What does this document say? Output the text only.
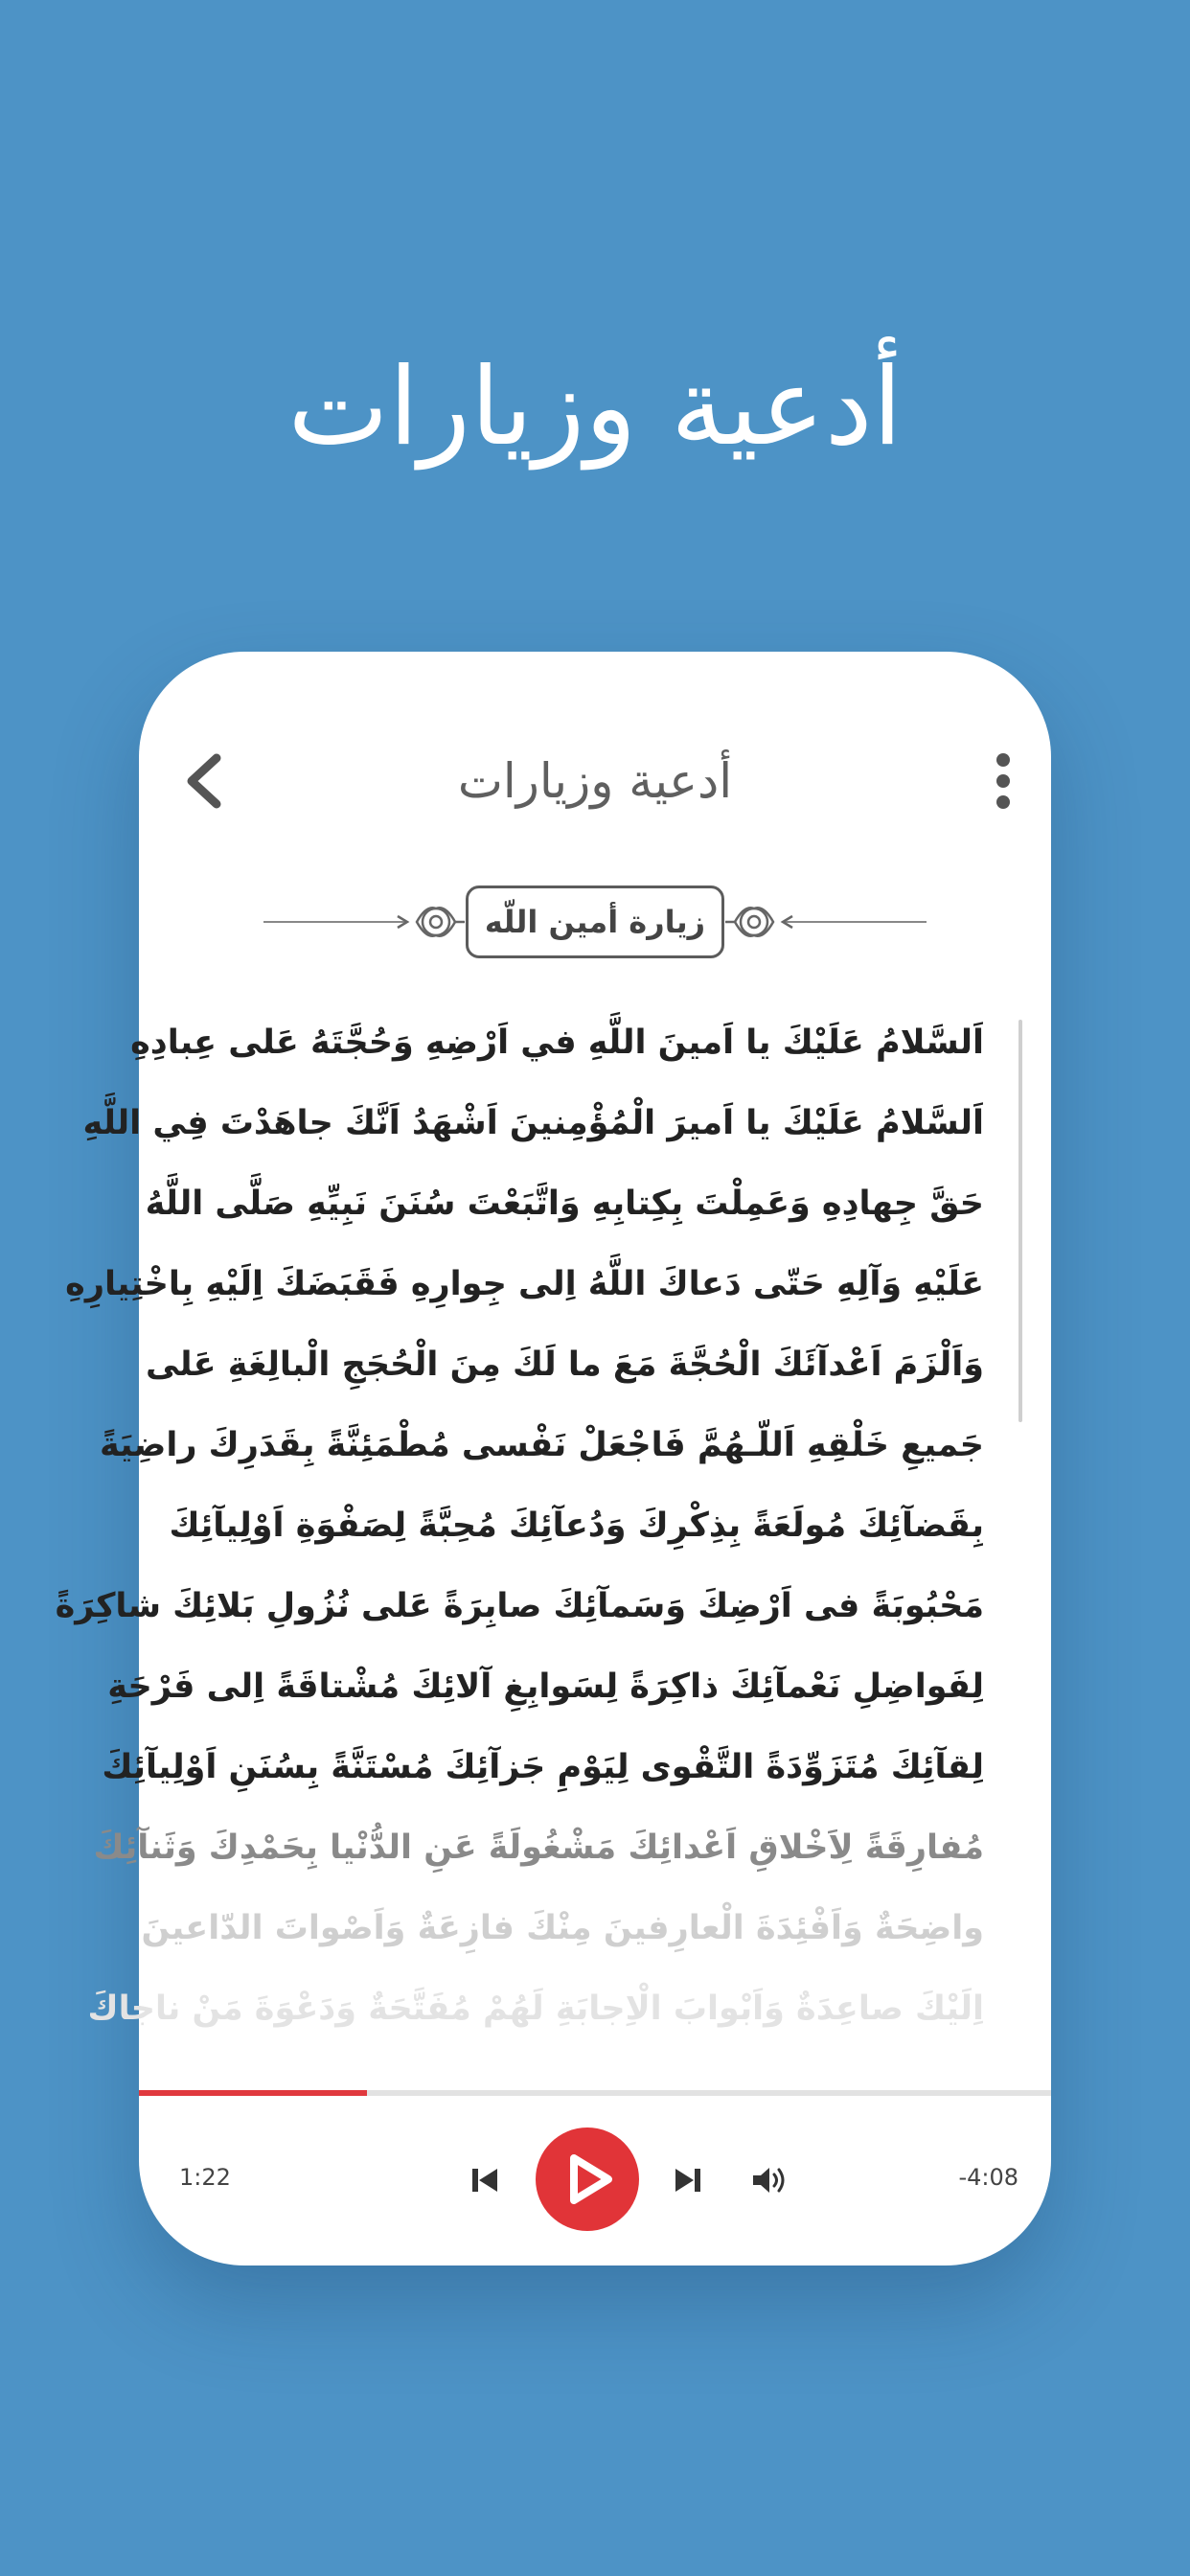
أدعية وزيارات
أدعية وزيارات
زيارة أمين اللّه
اَلسَّلامُ عَلَيْكَ يا اَمينَ اللَّهِ في اَرْضِهِ وَحُجَّتَهُ عَلى عِبادِهِ
اَلسَّلامُ عَلَيْكَ يا اَميرَ الْمُؤْمِنينَ اَشْهَدُ اَنَّكَ جاهَدْتَ فِي اللَّهِ
حَقَّ جِهادِهِ وَعَمِلْتَ بِكِتابِهِ وَاتَّبَعْتَ سُنَنَ نَبِيِّهِ صَلَّى اللَّهُ
عَلَيْهِ وَآلِهِ حَتّى دَعاكَ اللَّهُ اِلى جِوارِهِ فَقَبَضَكَ اِلَيْهِ بِاخْتِيارِهِ
وَاَلْزَمَ اَعْدآئَكَ الْحُجَّةَ مَعَ ما لَكَ مِنَ الْحُجَجِ الْبالِغَةِ عَلى
جَميعِ خَلْقِهِ اَللّـهُمَّ فَاجْعَلْ نَفْسى مُطْمَئِنَّةً بِقَدَرِكَ راضِيَةً
بِقَضآئِكَ مُولَعَةً بِذِكْرِكَ وَدُعآئِكَ مُحِبَّةً لِصَفْوَةِ اَوْلِيآئِكَ
مَحْبُوبَةً فى اَرْضِكَ وَسَمآئِكَ صابِرَةً عَلى نُزُولِ بَلائِكَ شاكِرَةً
لِفَواضِلِ نَعْمآئِكَ ذاكِرَةً لِسَوابِغِ آلائِكَ مُشْتاقَةً اِلى فَرْحَةِ
لِقآئِكَ مُتَزَوِّدَةً التَّقْوى لِيَوْمِ جَزآئِكَ مُسْتَنَّةً بِسُنَنِ اَوْلِيآئِكَ
مُفارِقَةً لِاَخْلاقِ اَعْدائِكَ مَشْغُولَةً عَنِ الدُّنْيا بِحَمْدِكَ وَثَنآئِكَ
واضِحَةٌ وَاَفْئِدَةَ الْعارِفينَ مِنْكَ فازِعَةٌ وَاَصْواتَ الدّاعينَ
اِلَيْكَ صاعِدَةٌ وَاَبْوابَ الْاِجابَةِ لَهُمْ مُفَتَّحَةٌ وَدَعْوَةَ مَنْ ناجاكَ
1:22	-4:08
